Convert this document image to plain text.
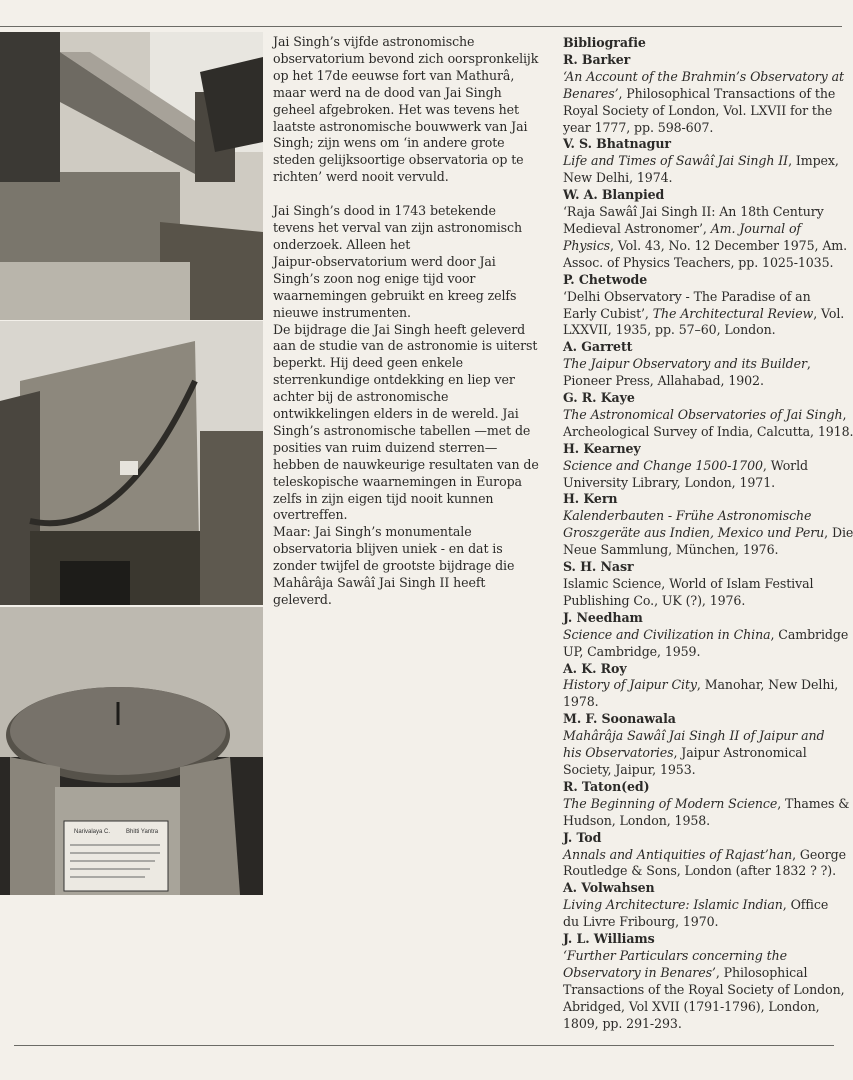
Narivalaya C.	Bhitti Yantra

Jai Singh’s vijfde astronomische
observatorium bevond zich oorspronkelijk
op het 17de eeuwse fort van Mathurâ,
maar werd na de dood van Jai Singh
geheel afgebroken. Het was tevens het
laatste astronomische bouwwerk van Jai
Singh; zijn wens om ‘in andere grote
steden gelijksoortige observatoria op te
richten’ werd nooit vervuld.

Jai Singh’s dood in 1743 betekende
tevens het verval van zijn astronomisch
onderzoek. Alleen het
Jaipur-observatorium werd door Jai
Singh’s zoon nog enige tijd voor
waarnemingen gebruikt en kreeg zelfs
nieuwe instrumenten.

De bijdrage die Jai Singh heeft geleverd
aan de studie van de astronomie is uiterst
beperkt. Hij deed geen enkele
sterrenkundige ontdekking en liep ver
achter bij de astronomische
ontwikkelingen elders in de wereld. Jai
Singh’s astronomische tabellen —met de
posities van ruim duizend sterren—
hebben de nauwkeurige resultaten van de
teleskopische waarnemingen in Europa
zelfs in zijn eigen tijd nooit kunnen
overtreffen.

Maar: Jai Singh’s monumentale
observatoria blijven uniek - en dat is
zonder twijfel de grootste bijdrage die
Mahârâja Sawâî Jai Singh II heeft
geleverd.

Bibliografie
R. Barker
‘An Account of the Brahmin’s Observatory at
Benares’, Philosophical Transactions of the
Royal Society of London, Vol. LXVII for the
year 1777, pp. 598-607.
V. S. Bhatnagur
Life and Times of Sawâî Jai Singh II, Impex,
New Delhi, 1974.
W. A. Blanpied
‘Raja Sawâî Jai Singh II: An 18th Century
Medieval Astronomer’, Am. Journal of
Physics, Vol. 43, No. 12 December 1975, Am.
Assoc. of Physics Teachers, pp. 1025-1035.
P. Chetwode
‘Delhi Observatory - The Paradise of an
Early Cubist’, The Architectural Review, Vol.
LXXVII, 1935, pp. 57–60, London.
A. Garrett
The Jaipur Observatory and its Builder,
Pioneer Press, Allahabad, 1902.
G. R. Kaye
The Astronomical Observatories of Jai Singh,
Archeological Survey of India, Calcutta, 1918.
H. Kearney
Science and Change 1500-1700, World
University Library, London, 1971.
H. Kern
Kalenderbauten - Frühe Astronomische
Groszgeräte aus Indien, Mexico und Peru, Die
Neue Sammlung, München, 1976.
S. H. Nasr
Islamic Science, World of Islam Festival
Publishing Co., UK (?), 1976.
J. Needham
Science and Civilization in China, Cambridge
UP, Cambridge, 1959.
A. K. Roy
History of Jaipur City, Manohar, New Delhi,
1978.
M. F. Soonawala
Mahârâja Sawâî Jai Singh II of Jaipur and
his Observatories, Jaipur Astronomical
Society, Jaipur, 1953.
R. Taton(ed)
The Beginning of Modern Science, Thames &
Hudson, London, 1958.
J. Tod
Annals and Antiquities of Rajast’han, George
Routledge & Sons, London (after 1832 ? ?).
A. Volwahsen
Living Architecture: Islamic Indian, Office
du Livre Fribourg, 1970.
J. L. Williams
‘Further Particulars concerning the
Observatory in Benares’, Philosophical
Transactions of the Royal Society of London,
Abridged, Vol XVII (1791-1796), London,
1809, pp. 291-293.
